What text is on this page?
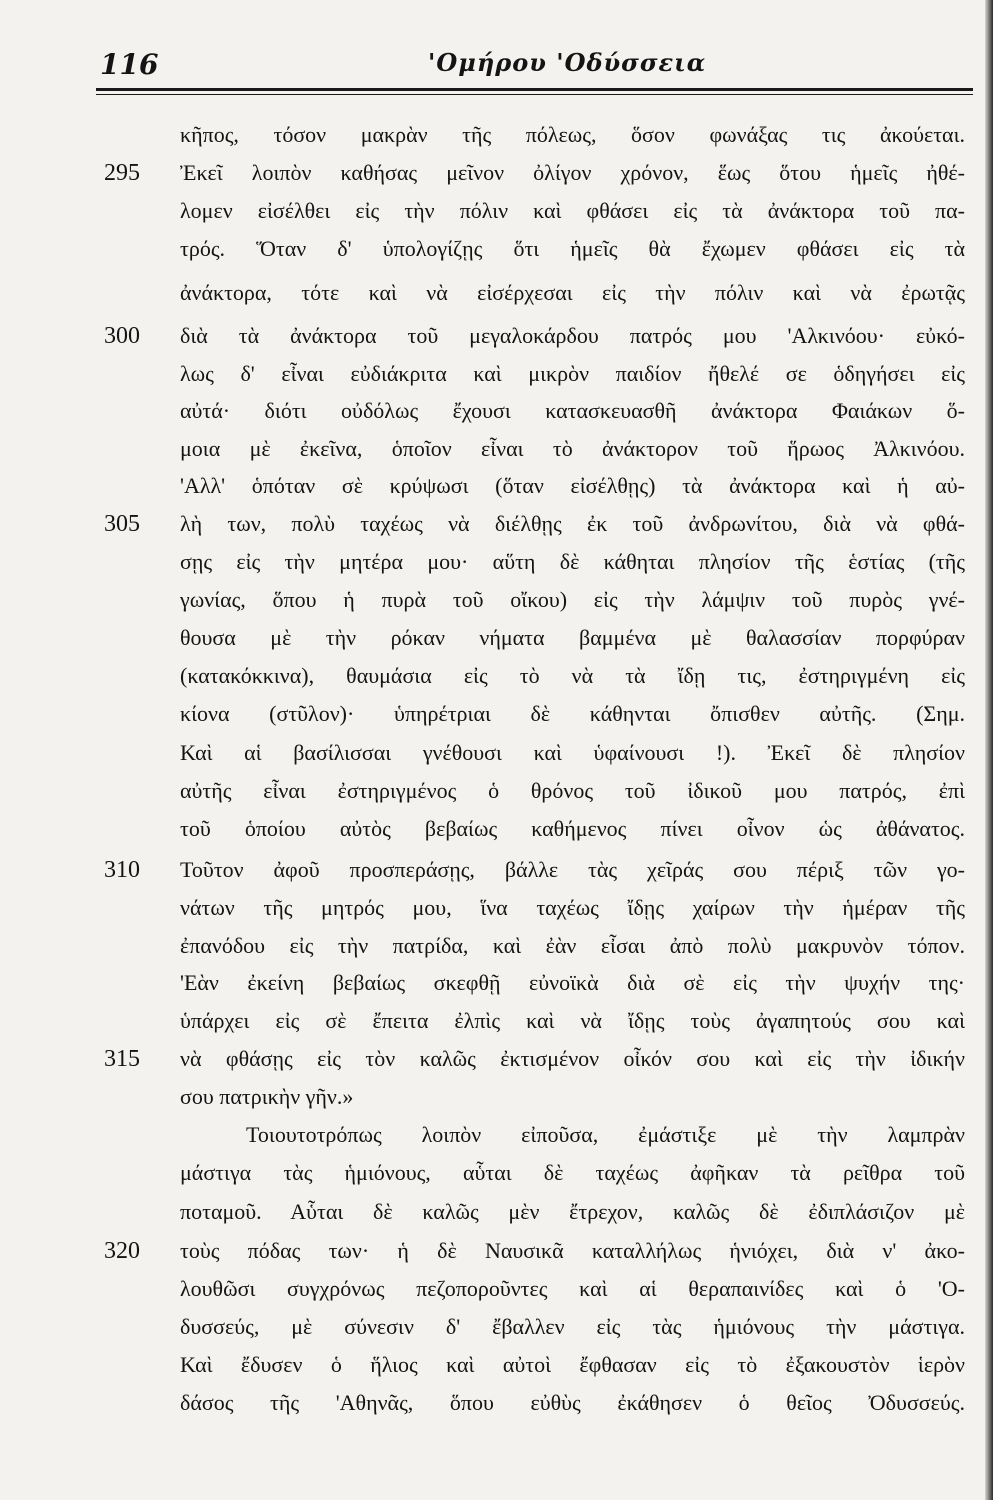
116	'Ομήρου 'Οδύσσεια
295
300
305
310
315
320
κῆπος, τόσον μακρὰν τῆς πόλεως, ὅσον φωνάξας τις ἀκούεται.
Ἐκεῖ λοιπὸν καθήσας μεῖνον ὀλίγον χρόνον, ἕως ὅτου ἡμεῖς ἠθέ-
λομεν εἰσέλθει εἰς τὴν πόλιν καὶ φθάσει εἰς τὰ ἀνάκτορα τοῦ πα-
τρός. Ὅταν δ' ὑπολογίζῃς ὅτι ἡμεῖς θὰ ἔχωμεν φθάσει εἰς τὰ
ἀνάκτορα, τότε καὶ νὰ εἰσέρχεσαι εἰς τὴν πόλιν καὶ νὰ ἐρωτᾷς
διὰ τὰ ἀνάκτορα τοῦ μεγαλοκάρδου πατρός μου 'Αλκινόου· εὐκό-
λως δ' εἶναι εὐδιάκριτα καὶ μικρὸν παιδίον ἤθελέ σε ὁδηγήσει εἰς
αὐτά· διότι οὐδόλως ἔχουσι κατασκευασθῆ ἀνάκτορα Φαιάκων ὅ-
μοια μὲ ἐκεῖνα, ὁποῖον εἶναι τὸ ἀνάκτορον τοῦ ἥρωος Ἀλκινόου.
'Αλλ' ὁπόταν σὲ κρύψωσι (ὅταν εἰσέλθῃς) τὰ ἀνάκτορα καὶ ἡ αὐ-
λὴ των, πολὺ ταχέως νὰ διέλθῃς ἐκ τοῦ ἀνδρωνίτου, διὰ νὰ φθά-
σῃς εἰς τὴν μητέρα μου· αὕτη δὲ κάθηται πλησίον τῆς ἑστίας (τῆς
γωνίας, ὅπου ἡ πυρὰ τοῦ οἴκου) εἰς τὴν λάμψιν τοῦ πυρὸς γνέ-
θουσα μὲ τὴν ρόκαν νήματα βαμμένα μὲ θαλασσίαν πορφύραν
(κατακόκκινα), θαυμάσια εἰς τὸ νὰ τὰ ἴδῃ τις, ἐστηριγμένη εἰς
κίονα (στῦλον)· ὑπηρέτριαι δὲ κάθηνται ὄπισθεν αὐτῆς. (Σημ.
Καὶ αἱ βασίλισσαι γνέθουσι καὶ ὑφαίνουσι !). Ἐκεῖ δὲ πλησίον
αὐτῆς εἶναι ἐστηριγμένος ὁ θρόνος τοῦ ἰδικοῦ μου πατρός, ἐπὶ
τοῦ ὁποίου αὐτὸς βεβαίως καθήμενος πίνει οἶνον ὡς ἀθάνατος.
Τοῦτον ἀφοῦ προσπεράσῃς, βάλλε τὰς χεῖράς σου πέριξ τῶν γο-
νάτων τῆς μητρός μου, ἵνα ταχέως ἴδῃς χαίρων τὴν ἡμέραν τῆς
ἐπανόδου εἰς τὴν πατρίδα, καὶ ἐὰν εἶσαι ἀπὸ πολὺ μακρυνὸν τόπον.
'Εὰν ἐκείνη βεβαίως σκεφθῇ εὐνοϊκὰ διὰ σὲ εἰς τὴν ψυχήν της·
ὑπάρχει εἰς σὲ ἔπειτα ἐλπὶς καὶ νὰ ἴδῃς τοὺς ἀγαπητούς σου καὶ
νὰ φθάσῃς εἰς τὸν καλῶς ἐκτισμένον οἶκόν σου καὶ εἰς τὴν ἰδικήν
σου πατρικὴν γῆν.»
Τοιουτοτρόπως λοιπὸν εἰποῦσα, ἐμάστιξε μὲ τὴν λαμπρὰν
μάστιγα τὰς ἡμιόνους, αὗται δὲ ταχέως ἀφῆκαν τὰ ρεῖθρα τοῦ
ποταμοῦ. Αὗται δὲ καλῶς μὲν ἔτρεχον, καλῶς δὲ ἐδιπλάσιζον μὲ
τοὺς πόδας των· ἡ δὲ Ναυσικᾶ καταλλήλως ἡνιόχει, διὰ ν' ἀκο-
λουθῶσι συγχρόνως πεζοποροῦντες καὶ αἱ θεραπαινίδες καὶ ὁ 'Ο-
δυσσεύς, μὲ σύνεσιν δ' ἔβαλλεν εἰς τὰς ἡμιόνους τὴν μάστιγα.
Καὶ ἔδυσεν ὁ ἥλιος καὶ αὐτοὶ ἔφθασαν εἰς τὸ ἐξακουστὸν ἱερὸν
δάσος τῆς 'Αθηνᾶς, ὅπου εὐθὺς ἐκάθησεν ὁ θεῖος Ὀδυσσεύς.
